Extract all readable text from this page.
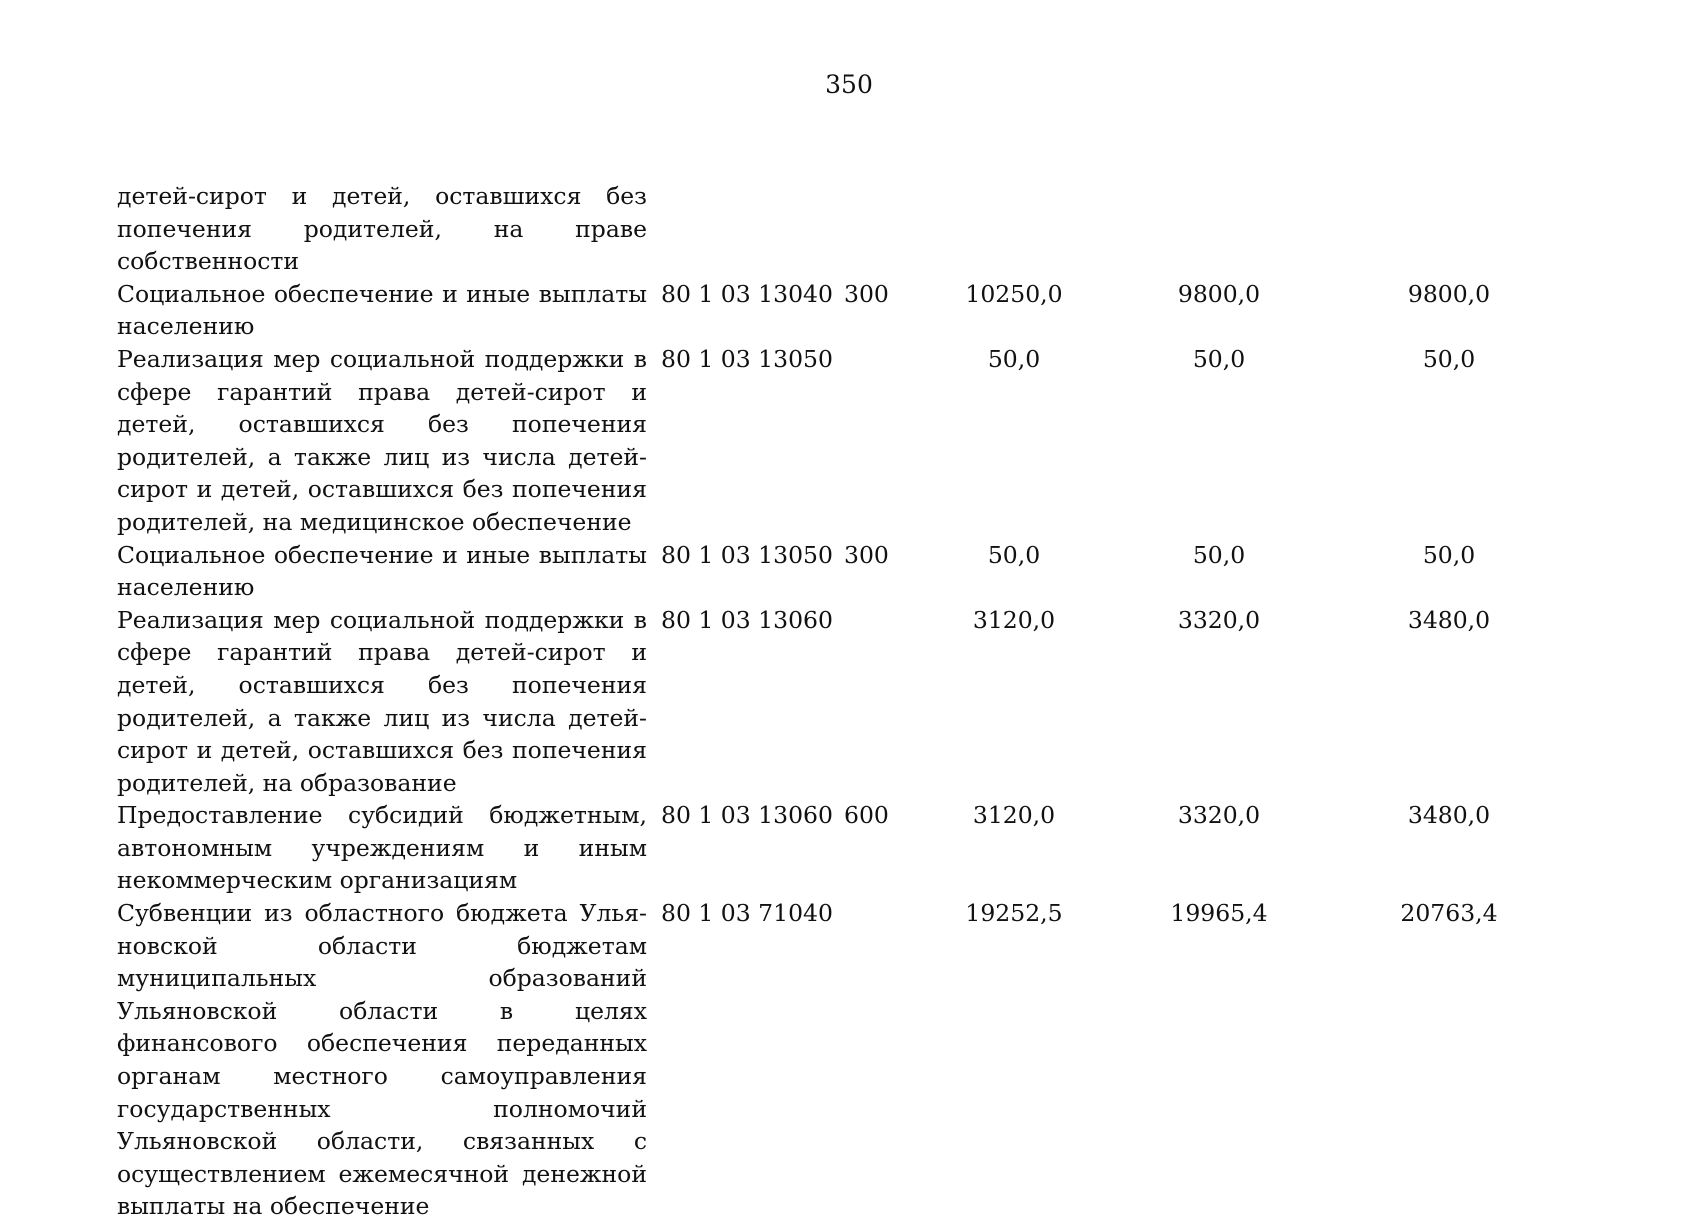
350
детей-сирот и детей, оставшихся без попечения родителей, на праве собственности					
Социальное обеспечение и иные выплаты населению	80 1 03 13040	300	10250,0	9800,0	9800,0
Реализация мер социальной поддержки в сфере гарантий права детей-сирот и детей, оставшихся без попечения родителей, а также лиц из числа детей-сирот и детей, оставшихся без попечения родителей, на медицинское обеспечение	80 1 03 13050		50,0	50,0	50,0
Социальное обеспечение и иные выплаты населению	80 1 03 13050	300	50,0	50,0	50,0
Реализация мер социальной поддержки в сфере гарантий права детей-сирот и детей, оставшихся без попечения родителей, а также лиц из числа детей-сирот и детей, оставшихся без попечения родителей, на образование	80 1 03 13060		3120,0	3320,0	3480,0
Предоставление субсидий бюджетным, автономным учреждениям и иным некоммерческим организациям	80 1 03 13060	600	3120,0	3320,0	3480,0
Субвенции из областного бюджета Ульяновской области бюджетам муниципальных образований Ульяновской области в целях финансового обеспечения переданных органам местного самоуправления государственных полномочий Ульяновской области, связанных с осуществлением ежемесячной денежной выплаты на обеспечение	80 1 03 71040		19252,5	19965,4	20763,4
